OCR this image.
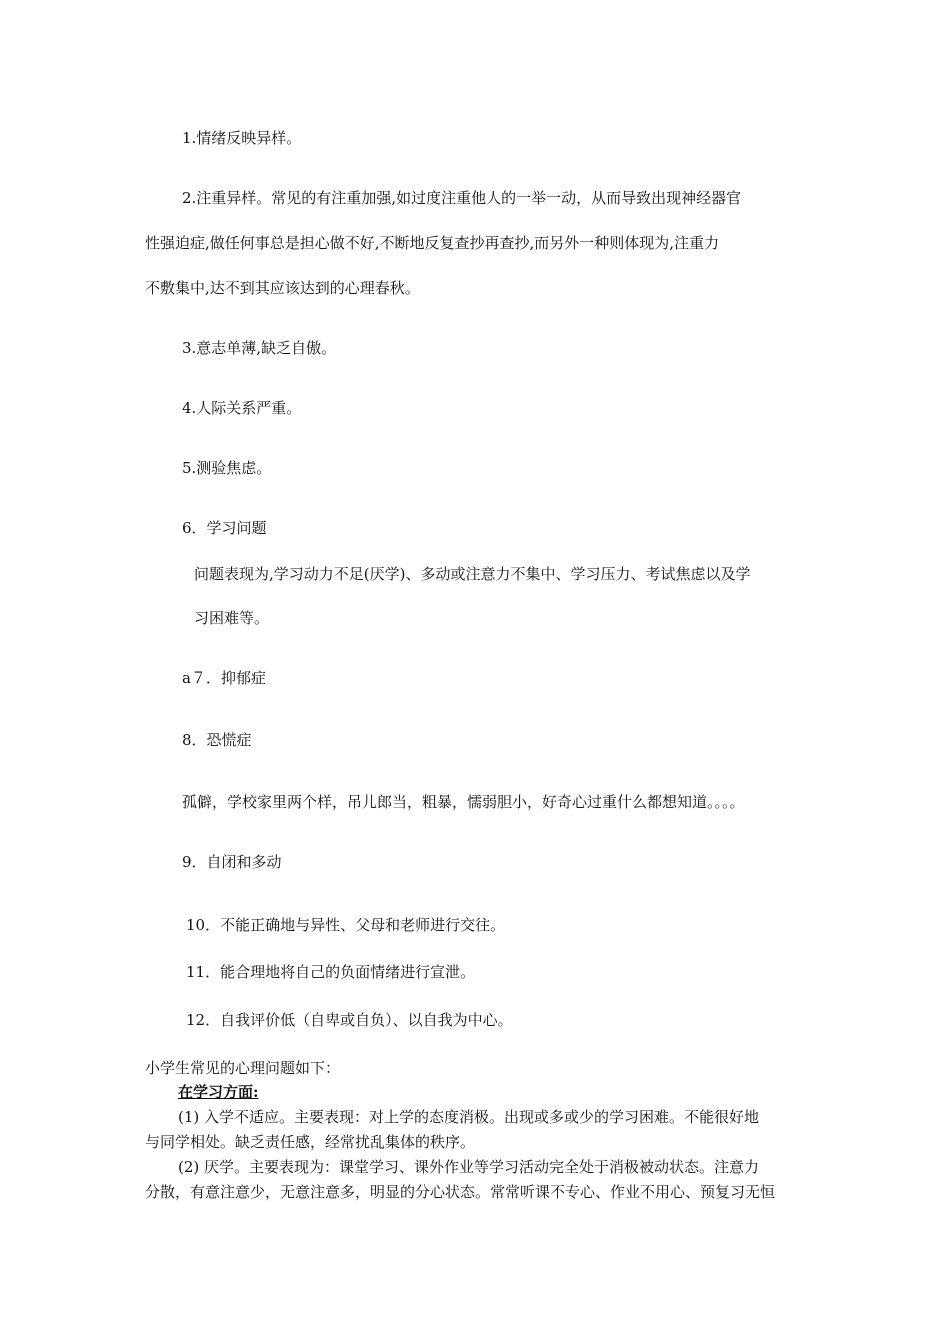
1.情绪反映异样。
2.注重异样。常见的有注重加强,如过度注重他人的一举一动，从而导致出现神经器官
性强迫症,做任何事总是担心做不好,不断地反复查抄再查抄,而另外一种则体现为,注重力
不敷集中,达不到其应该达到的心理春秋。
3.意志单薄,缺乏自傲。
4.人际关系严重。
5.测验焦虑。
6．学习问题
问题表现为,学习动力不足(厌学)、多动或注意力不集中、学习压力、考试焦虑以及学
习困难等。
a７．抑郁症
8．恐慌症
孤僻，学校家里两个样，吊儿郎当，粗暴，懦弱胆小，好奇心过重什么都想知道。。。。
9．自闭和多动
10．不能正确地与异性、父母和老师进行交往。
11．能合理地将自己的负面情绪进行宣泄。
12．自我评价低（自卑或自负）、以自我为中心。
小学生常见的心理问题如下：
在学习方面:
(1) 入学不适应。主要表现：对上学的态度消极。出现或多或少的学习困难。不能很好地
与同学相处。缺乏责任感，经常扰乱集体的秩序。
(2) 厌学。主要表现为：课堂学习、课外作业等学习活动完全处于消极被动状态。注意力
分散，有意注意少，无意注意多，明显的分心状态。常常听课不专心、作业不用心、预复习无恒
